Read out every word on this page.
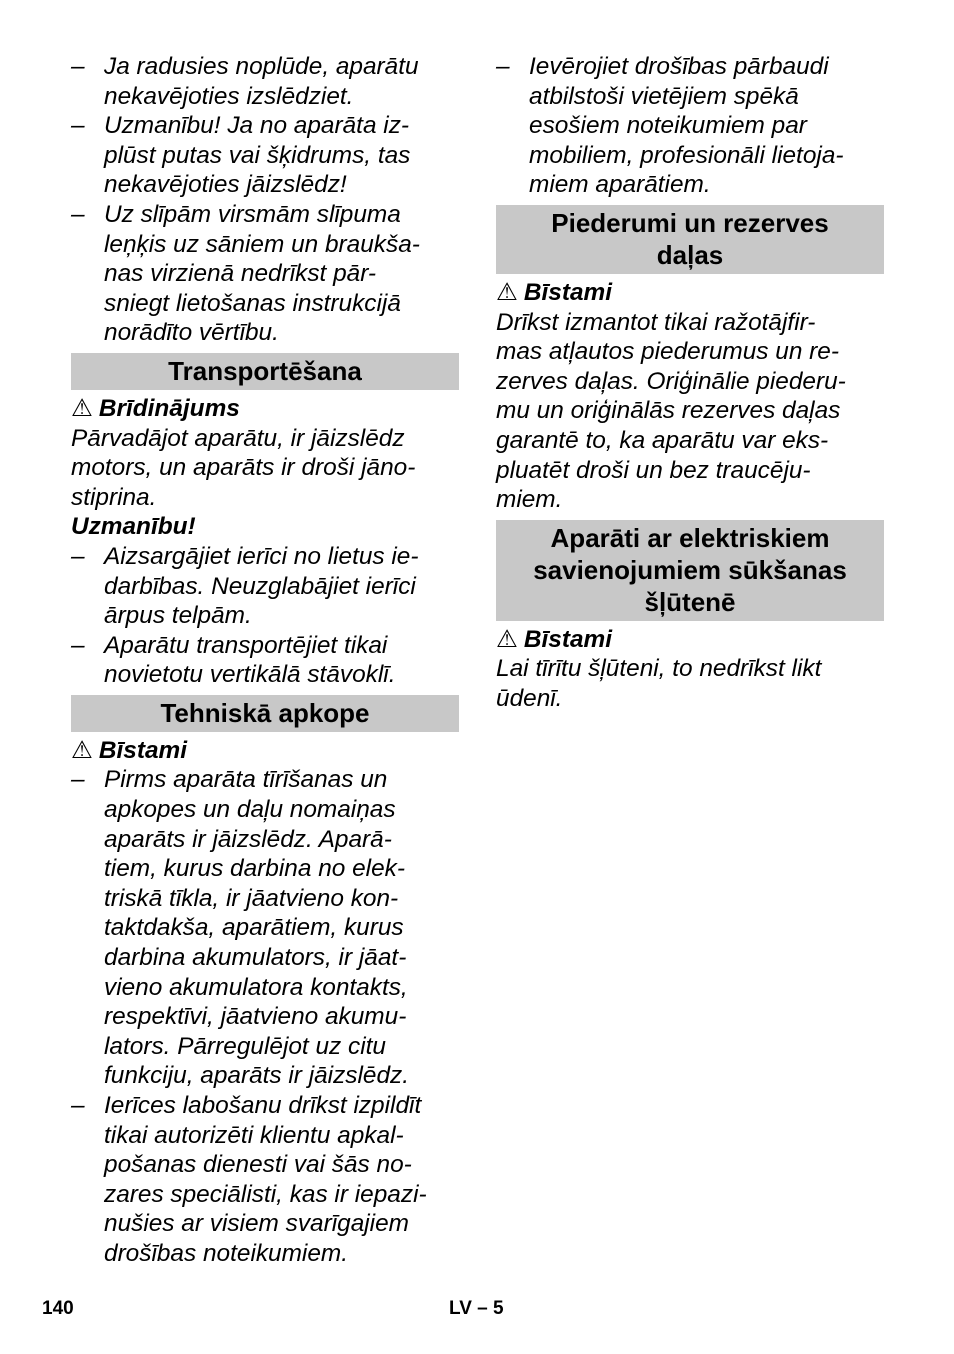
– Ja radusies noplūde, aparātu
nekavējoties izslēdziet.
– Uzmanību! Ja no aparāta iz-
plūst putas vai šķidrums, tas
nekavējoties jāizslēdz!
– Uz slīpām virsmām slīpuma
leņķis uz sāniem un braukša-
nas virzienā nedrīkst pār-
sniegt lietošanas instrukcijā
norādīto vērtību.
Transportēšana
⚠ Brīdinājums
Pārvadājot aparātu, ir jāizslēdz
motors, un aparāts ir droši jāno-
stiprina.
Uzmanību!
– Aizsargājiet ierīci no lietus ie-
darbības. Neuzglabājiet ierīci
ārpus telpām.
– Aparātu transportējiet tikai
novietotu vertikālā stāvoklī.
Tehniskā apkope
⚠ Bīstami
– Pirms aparāta tīrīšanas un
apkopes un daļu nomaiņas
aparāts ir jāizslēdz. Aparā-
tiem, kurus darbina no elek-
triskā tīkla, ir jāatvieno kon-
taktdakša, aparātiem, kurus
darbina akumulators, ir jāat-
vieno akumulatora kontakts,
respektīvi, jāatvieno akumu-
lators. Pārregulējot uz citu
funkciju, aparāts ir jāizslēdz.
– Ierīces labošanu drīkst izpildīt
tikai autorizēti klientu apkal-
pošanas dienesti vai šās no-
zares speciālisti, kas ir iepazi-
nušies ar visiem svarīgajiem
drošības noteikumiem.
– Ievērojiet drošības pārbaudi
atbilstoši vietējiem spēkā
esošiem noteikumiem par
mobiliem, profesionāli lietoja-
miem aparātiem.
Piederumi un rezerves
daļas
⚠ Bīstami
Drīkst izmantot tikai ražotājfir-
mas atļautos piederumus un re-
zerves daļas. Oriģinālie piederu-
mu un oriģinālās rezerves daļas
garantē to, ka aparātu var eks-
pluatēt droši un bez traucēju-
miem.
Aparāti ar elektriskiem
savienojumiem sūkšanas
šļūtenē
⚠ Bīstami
Lai tīrītu šļūteni, to nedrīkst likt
ūdenī.
140	LV – 5
